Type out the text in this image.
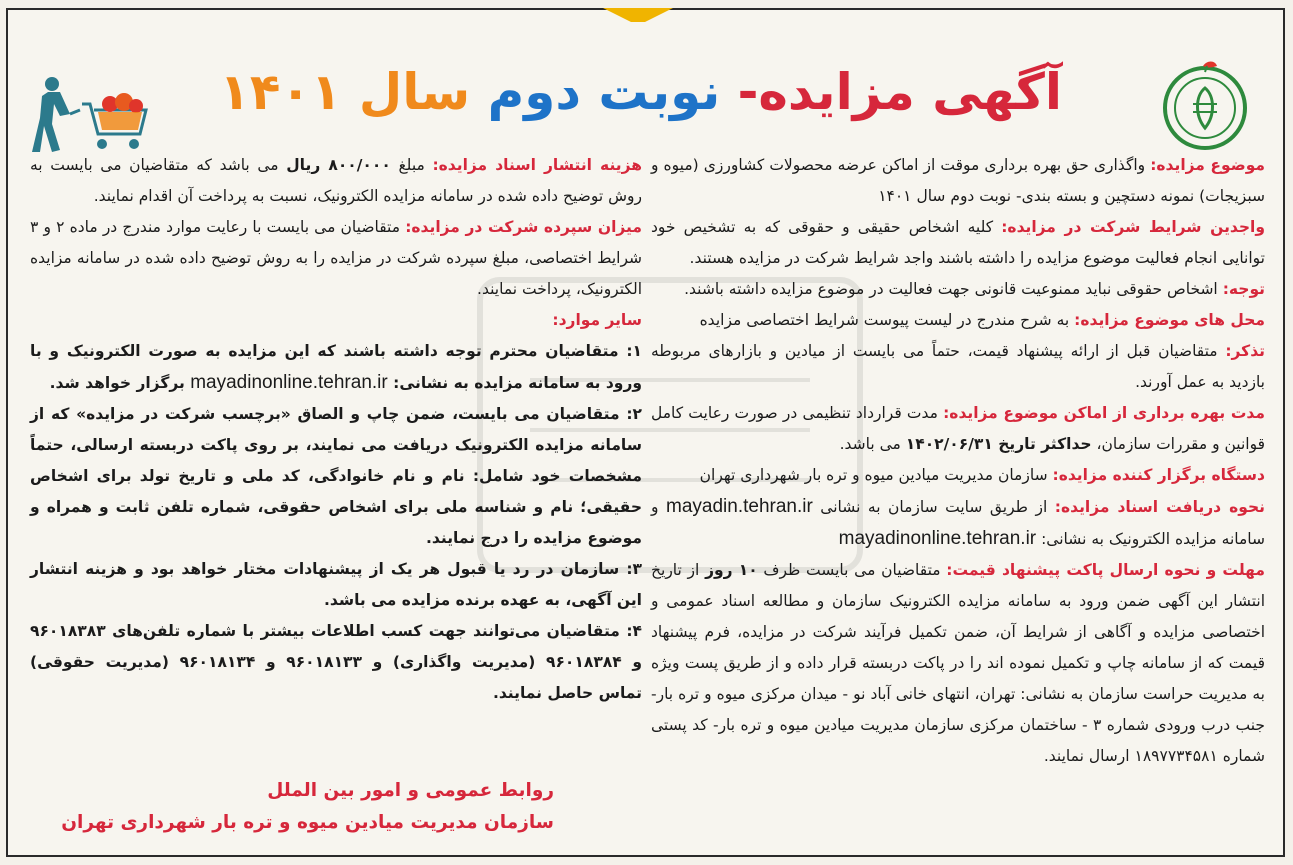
آگهی مزایده- نوبت دوم سال ۱۴۰۱

موضوع مزایده: واگذاری حق بهره برداری موقت از اماکن عرضه محصولات کشاورزی (میوه و سبزیجات) نمونه دستچین و بسته بندی- نوبت دوم سال ۱۴۰۱

واجدین شرایط شرکت در مزایده: کلیه اشخاص حقیقی و حقوقی که به تشخیص خود توانایی انجام فعالیت موضوع مزایده را داشته باشند واجد شرایط شرکت در مزایده هستند.

توجه: اشخاص حقوقی نباید ممنوعیت قانونی جهت فعالیت در موضوع مزایده داشته باشند.

محل های موضوع مزایده: به شرح مندرج در لیست پیوست شرایط اختصاصی مزایده

تذکر: متقاضیان قبل از ارائه پیشنهاد قیمت، حتماً می بایست از میادین و بازارهای مربوطه بازدید به عمل آورند.

مدت بهره برداری از اماکن موضوع مزایده: مدت قرارداد تنظیمی در صورت رعایت کامل قوانین و مقررات سازمان، حداکثر تاریخ ۱۴۰۲/۰۶/۳۱ می باشد.

دستگاه برگزار کننده مزایده: سازمان مدیریت میادین میوه و تره بار شهرداری تهران

نحوه دریافت اسناد مزایده: از طریق سایت سازمان به نشانی mayadin.tehran.ir و سامانه مزایده الکترونیک به نشانی: mayadinonline.tehran.ir

مهلت و نحوه ارسال پاکت پیشنهاد قیمت: متقاضیان می بایست ظرف ۱۰ روز از تاریخ انتشار این آگهی ضمن ورود به سامانه مزایده الکترونیک سازمان و مطالعه اسناد عمومی و اختصاصی مزایده و آگاهی از شرایط آن، ضمن تکمیل فرآیند شرکت در مزایده، فرم پیشنهاد قیمت که از سامانه چاپ و تکمیل نموده اند را در پاکت دربسته قرار داده و از طریق پست ویژه به مدیریت حراست سازمان به نشانی: تهران، انتهای خانی آباد نو - میدان مرکزی میوه و تره بار- جنب درب ورودی شماره ۳ - ساختمان مرکزی سازمان مدیریت میادین میوه و تره بار- کد پستی شماره ۱۸۹۷۷۳۴۵۸۱ ارسال نمایند.

هزینه انتشار اسناد مزایده: مبلغ ۸۰۰/۰۰۰ ریال می باشد که متقاضیان می بایست به روش توضیح داده شده در سامانه مزایده الکترونیک، نسبت به پرداخت آن اقدام نمایند.

میزان سپرده شرکت در مزایده: متقاضیان می بایست با رعایت موارد مندرج در ماده ۲ و ۳ شرایط اختصاصی، مبلغ سپرده شرکت در مزایده را به روش توضیح داده شده در سامانه مزایده الکترونیک، پرداخت نمایند.

سایر موارد:

۱: متقاضیان محترم توجه داشته باشند که این مزایده به صورت الکترونیک و با ورود به سامانه مزایده به نشانی: mayadinonline.tehran.ir برگزار خواهد شد.

۲: متقاضیان می بایست، ضمن چاپ و الصاق «برچسب شرکت در مزایده» که از سامانه مزایده الکترونیک دریافت می نمایند، بر روی پاکت دربسته ارسالی، حتماً مشخصات خود شامل: نام و نام خانوادگی، کد ملی و تاریخ تولد برای اشخاص حقیقی؛ نام و شناسه ملی برای اشخاص حقوقی، شماره تلفن ثابت و همراه و موضوع مزایده را درج نمایند.

۳: سازمان در رد یا قبول هر یک از پیشنهادات مختار خواهد بود و هزینه انتشار این آگهی، به عهده برنده مزایده می باشد.

۴: متقاضیان می‌توانند جهت کسب اطلاعات بیشتر با شماره تلفن‌های ۹۶۰۱۸۳۸۳ و ۹۶۰۱۸۳۸۴ (مدیریت واگذاری) و ۹۶۰۱۸۱۳۳ و ۹۶۰۱۸۱۳۴ (مدیریت حقوقی) تماس حاصل نمایند.

روابط عمومی و امور بین الملل
سازمان مدیریت میادین میوه و تره بار شهرداری تهران
